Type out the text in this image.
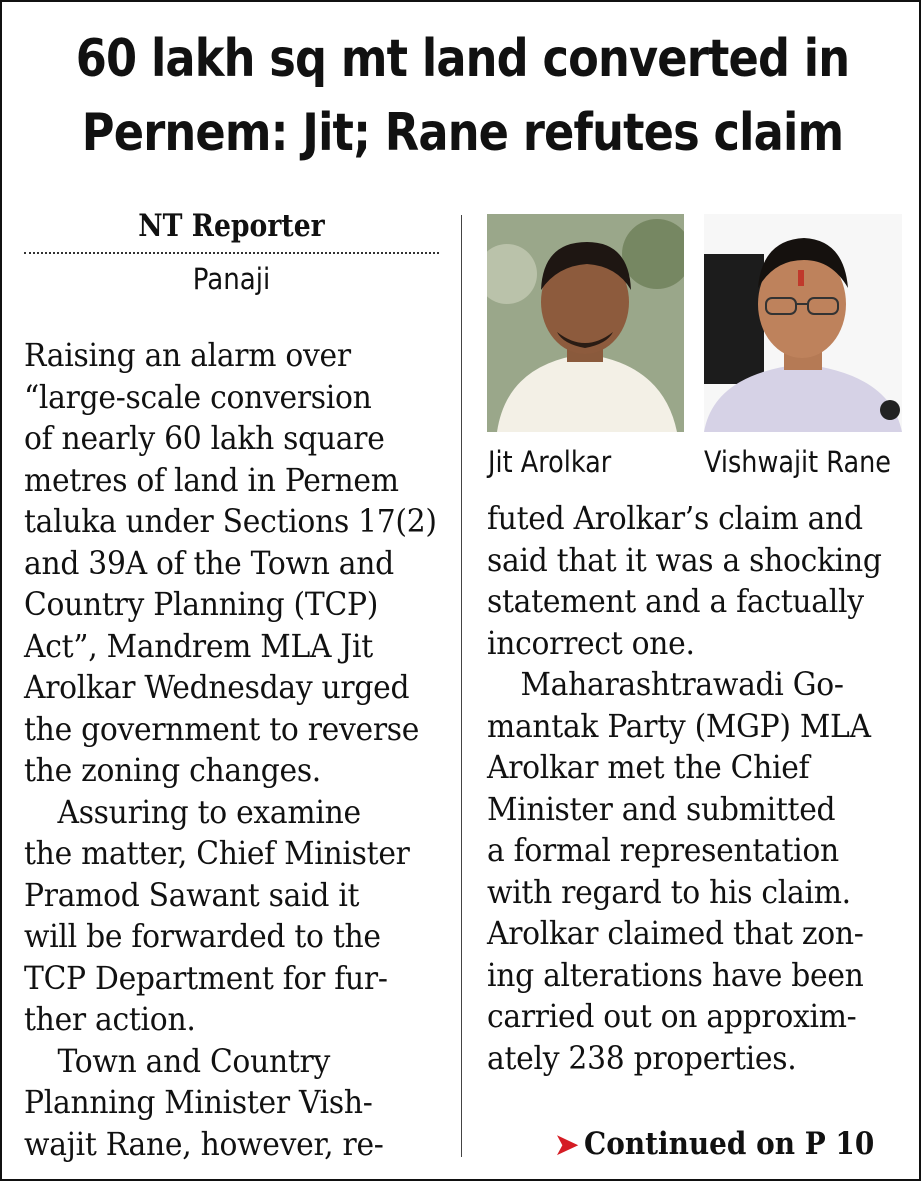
60 lakh sq mt land converted in
Pernem: Jit; Rane refutes claim
NT Reporter
Panaji

Raising an alarm over
“large-scale conversion
of nearly 60 lakh square
metres of land in Pernem
taluka under Sections 17(2)
and 39A of the Town and
Country Planning (TCP)
Act”, Mandrem MLA Jit
Arolkar Wednesday urged
the government to reverse
the zoning changes.

Assuring to examine
the matter, Chief Minister
Pramod Sawant said it
will be forwarded to the
TCP Department for fur-
ther action.

Town and Country
Planning Minister Vish-
wajit Rane, however, re-

Jit Arolkar	Vishwajit Rane

futed Arolkar’s claim and
said that it was a shocking
statement and a factually
incorrect one.

Maharashtrawadi Go-
mantak Party (MGP) MLA
Arolkar met the Chief
Minister and submitted
a formal representation
with regard to his claim.
Arolkar claimed that zon-
ing alterations have been
carried out on approxim-
ately 238 properties.

➤ Continued on P 10
